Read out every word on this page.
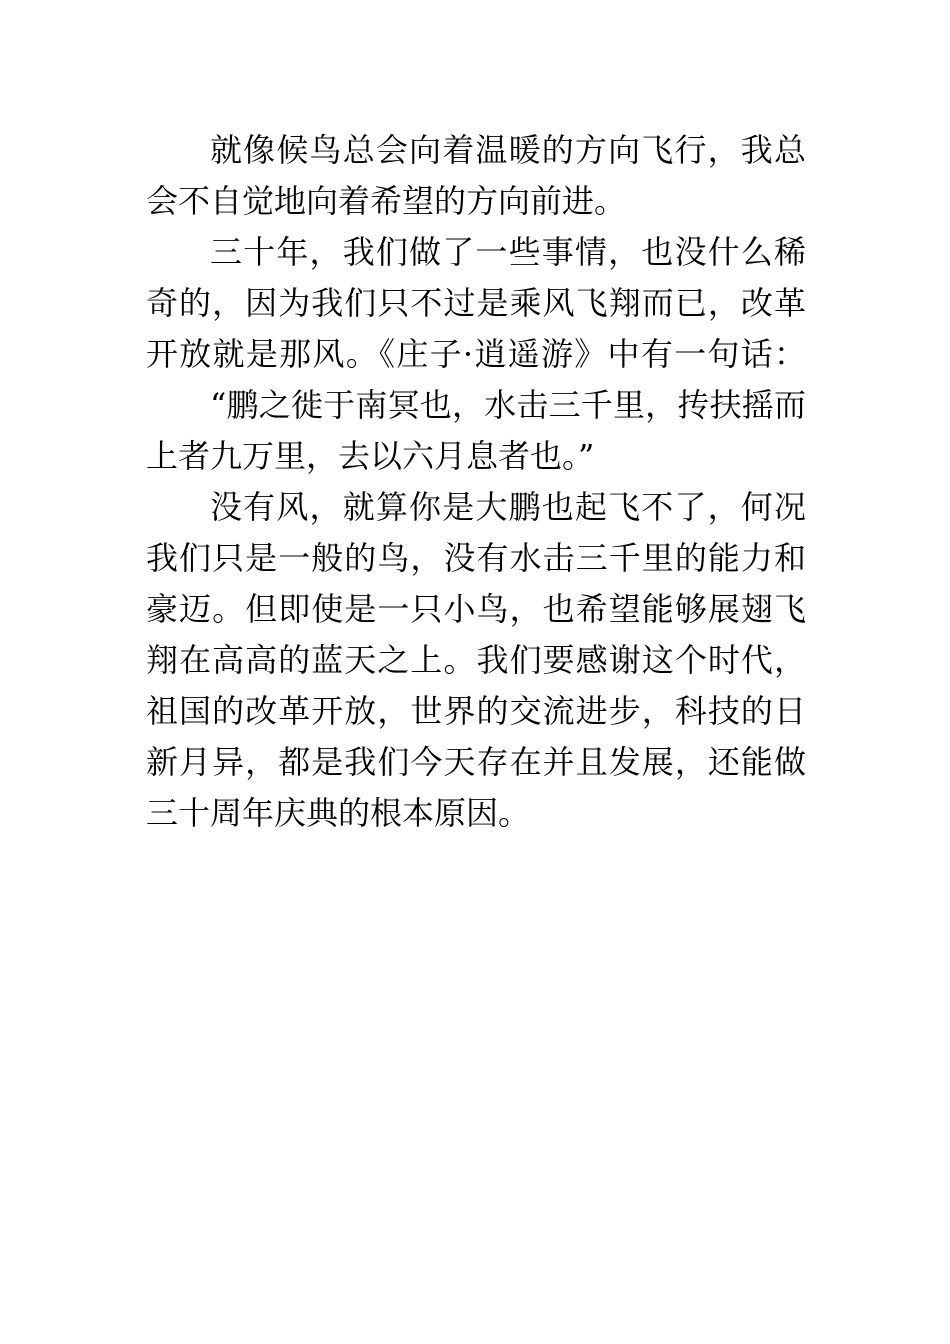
就像候鸟总会向着温暖的方向飞行，我总
会不自觉地向着希望的方向前进。
三十年，我们做了一些事情，也没什么稀
奇的，因为我们只不过是乘风飞翔而已，改革
开放就是那风。《庄子·逍遥游》中有一句话：
“鹏之徙于南冥也，水击三千里，抟扶摇而
上者九万里，去以六月息者也。”
没有风，就算你是大鹏也起飞不了，何况
我们只是一般的鸟，没有水击三千里的能力和
豪迈。但即使是一只小鸟，也希望能够展翅飞
翔在高高的蓝天之上。我们要感谢这个时代，
祖国的改革开放，世界的交流进步，科技的日
新月异，都是我们今天存在并且发展，还能做
三十周年庆典的根本原因。
